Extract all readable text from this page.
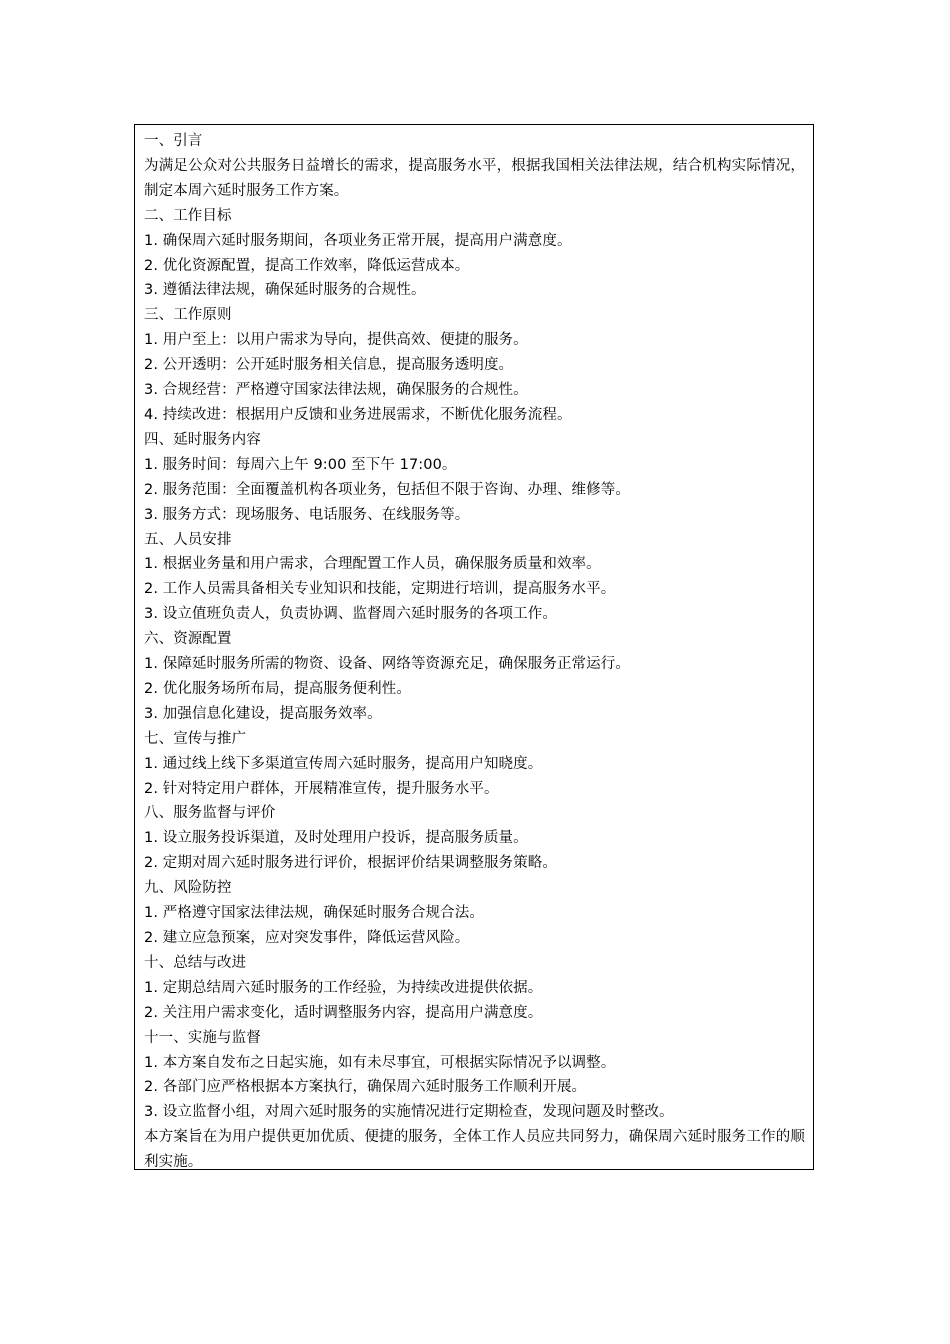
一、引言
为满足公众对公共服务日益增长的需求，提高服务水平，根据我国相关法律法规，结合机构实际情况，制定本周六延时服务工作方案。
二、工作目标
1. 确保周六延时服务期间，各项业务正常开展，提高用户满意度。
2. 优化资源配置，提高工作效率，降低运营成本。
3. 遵循法律法规，确保延时服务的合规性。
三、工作原则
1. 用户至上：以用户需求为导向，提供高效、便捷的服务。
2. 公开透明：公开延时服务相关信息，提高服务透明度。
3. 合规经营：严格遵守国家法律法规，确保服务的合规性。
4. 持续改进：根据用户反馈和业务进展需求，不断优化服务流程。
四、延时服务内容
1. 服务时间：每周六上午 9:00 至下午 17:00。
2. 服务范围：全面覆盖机构各项业务，包括但不限于咨询、办理、维修等。
3. 服务方式：现场服务、电话服务、在线服务等。
五、人员安排
1. 根据业务量和用户需求，合理配置工作人员，确保服务质量和效率。
2. 工作人员需具备相关专业知识和技能，定期进行培训，提高服务水平。
3. 设立值班负责人，负责协调、监督周六延时服务的各项工作。
六、资源配置
1. 保障延时服务所需的物资、设备、网络等资源充足，确保服务正常运行。
2. 优化服务场所布局，提高服务便利性。
3. 加强信息化建设，提高服务效率。
七、宣传与推广
1. 通过线上线下多渠道宣传周六延时服务，提高用户知晓度。
2. 针对特定用户群体，开展精准宣传，提升服务水平。
八、服务监督与评价
1. 设立服务投诉渠道，及时处理用户投诉，提高服务质量。
2. 定期对周六延时服务进行评价，根据评价结果调整服务策略。
九、风险防控
1. 严格遵守国家法律法规，确保延时服务合规合法。
2. 建立应急预案，应对突发事件，降低运营风险。
十、总结与改进
1. 定期总结周六延时服务的工作经验，为持续改进提供依据。
2. 关注用户需求变化，适时调整服务内容，提高用户满意度。
十一、实施与监督
1. 本方案自发布之日起实施，如有未尽事宜，可根据实际情况予以调整。
2. 各部门应严格根据本方案执行，确保周六延时服务工作顺利开展。
3. 设立监督小组，对周六延时服务的实施情况进行定期检查，发现问题及时整改。
本方案旨在为用户提供更加优质、便捷的服务，全体工作人员应共同努力，确保周六延时服务工作的顺利实施。
